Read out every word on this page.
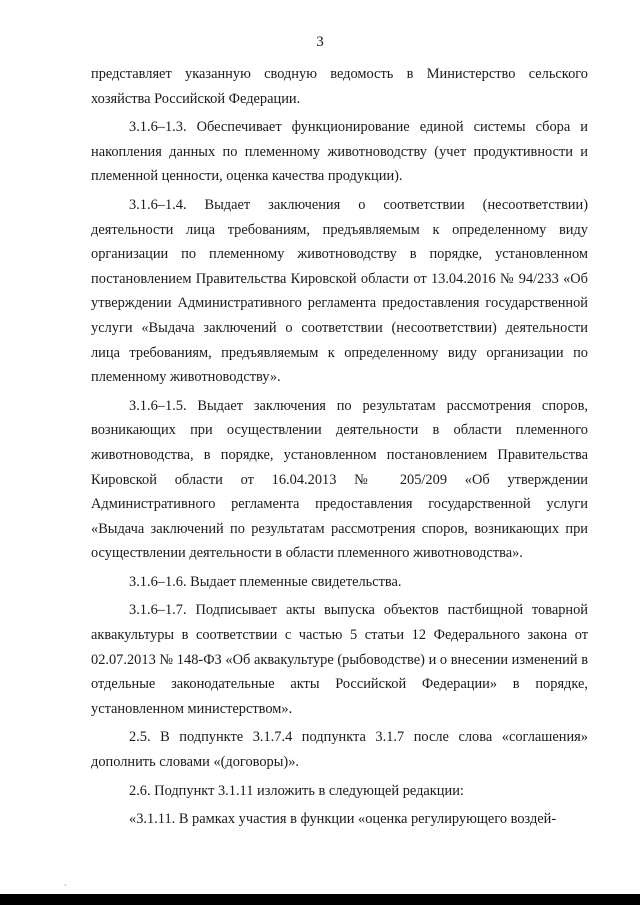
3

представляет указанную сводную ведомость в Министерство сельского хозяйства Российской Федерации.

3.1.6–1.3. Обеспечивает функционирование единой системы сбора и накопления данных по племенному животноводству (учет продуктивности и племенной ценности, оценка качества продукции).

3.1.6–1.4. Выдает заключения о соответствии (несоответствии) деятельности лица требованиям, предъявляемым к определенному виду организации по племенному животноводству в порядке, установленном постановлением Правительства Кировской области от 13.04.2016 № 94/233 «Об утверждении Административного регламента предоставления государственной услуги «Выдача заключений о соответствии (несоответствии) деятельности лица требованиям, предъявляемым к определенному виду организации по племенному животноводству».

3.1.6–1.5. Выдает заключения по результатам рассмотрения споров, возникающих при осуществлении деятельности в области племенного животноводства, в порядке, установленном постановлением Правительства Кировской области от 16.04.2013 № 205/209 «Об утверждении Административного регламента предоставления государственной услуги «Выдача заключений по результатам рассмотрения споров, возникающих при осуществлении деятельности в области племенного животноводства».

3.1.6–1.6. Выдает племенные свидетельства.

3.1.6–1.7. Подписывает акты выпуска объектов пастбищной товарной аквакультуры в соответствии с частью 5 статьи 12 Федерального закона от 02.07.2013 № 148-ФЗ «Об аквакультуре (рыбоводстве) и о внесении изменений в отдельные законодательные акты Российской Федерации» в порядке, установленном министерством».

2.5. В подпункте 3.1.7.4 подпункта 3.1.7 после слова «соглашения» дополнить словами «(договоры)».

2.6. Подпункт 3.1.11 изложить в следующей редакции:

«3.1.11. В рамках участия в функции «оценка регулирующего воздей-

ˎ
